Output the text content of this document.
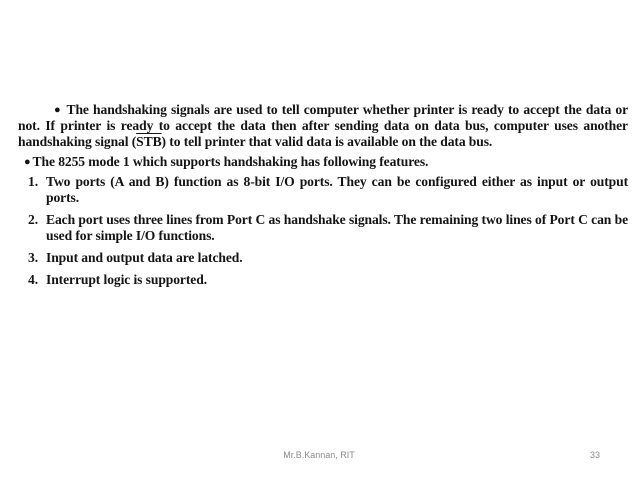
● The handshaking signals are used to tell computer whether printer is ready to accept the data or not. If printer is ready to accept the data then after sending data on data bus, computer uses another handshaking signal $(\overline{STB})$ to tell printer that valid data is available on the data bus.

● The 8255 mode 1 which supports handshaking has following features.

1. Two ports (A and B) function as 8-bit I/O ports. They can be configured either as input or output ports.
2. Each port uses three lines from Port C as handshake signals. The remaining two lines of Port C can be used for simple I/O functions.
3. Input and output data are latched.
4. Interrupt logic is supported.
Mr.B.Kannan, RIT	33
